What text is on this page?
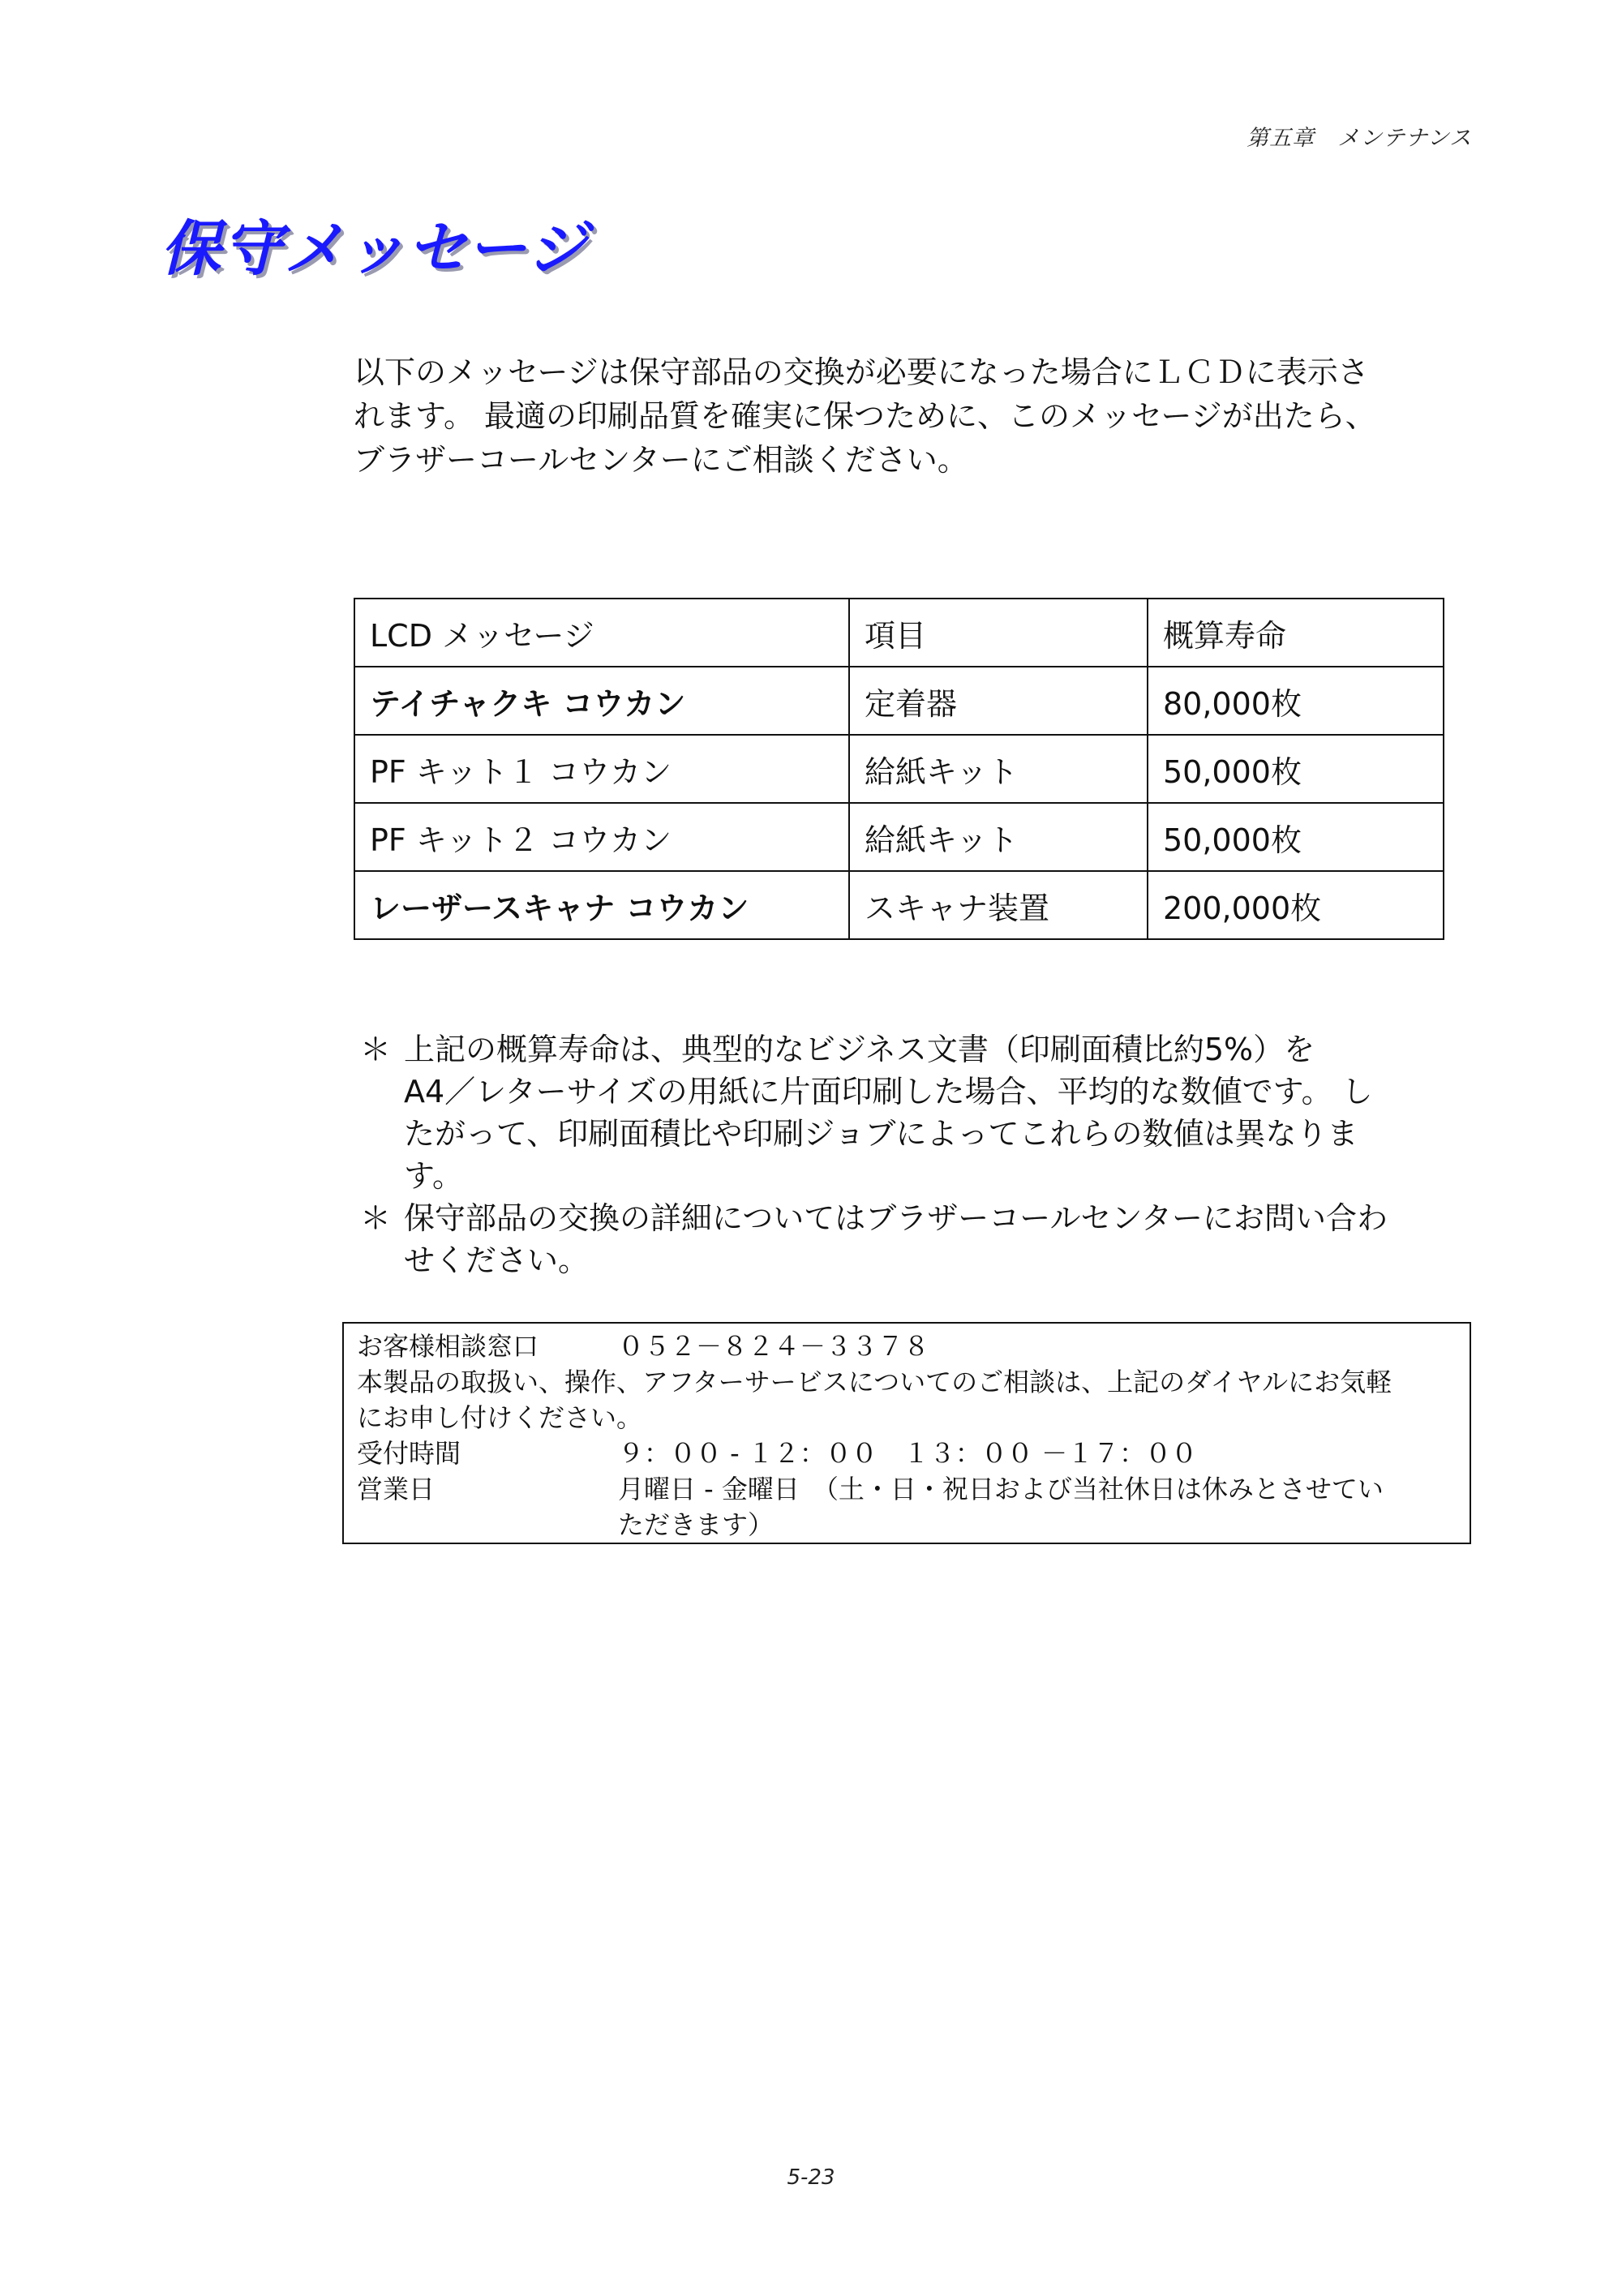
第五章　メンテナンス
保守メッセージ
以下のメッセージは保守部品の交換が必要になった場合にＬＣＤに表示さ
れます。 最適の印刷品質を確実に保つために、このメッセージが出たら、
ブラザーコールセンターにご相談ください。
LCD メッセージ	項目	概算寿命
テイチャクキ コウカン	定着器	80,000枚
PF キット１ コウカン	給紙キット	50,000枚
PF キット２ コウカン	給紙キット	50,000枚
レーザースキャナ コウカン	スキャナ装置	200,000枚
＊ 上記の概算寿命は、典型的なビジネス文書（印刷面積比約5%）を
A4／レターサイズの用紙に片面印刷した場合、平均的な数値です。 し
たがって、印刷面積比や印刷ジョブによってこれらの数値は異なりま
す。
＊ 保守部品の交換の詳細についてはブラザーコールセンターにお問い合わ
せください。
お客様相談窓口	０５２－８２４－３３７８
本製品の取扱い、操作、アフターサービスについてのご相談は、上記のダイヤルにお気軽
にお申し付けください。
受付時間	９：００ - １２：００　１３：００ －１７：００
営業日	月曜日 - 金曜日　（土・日・祝日および当社休日は休みとさせてい
ただきます）
5-23
